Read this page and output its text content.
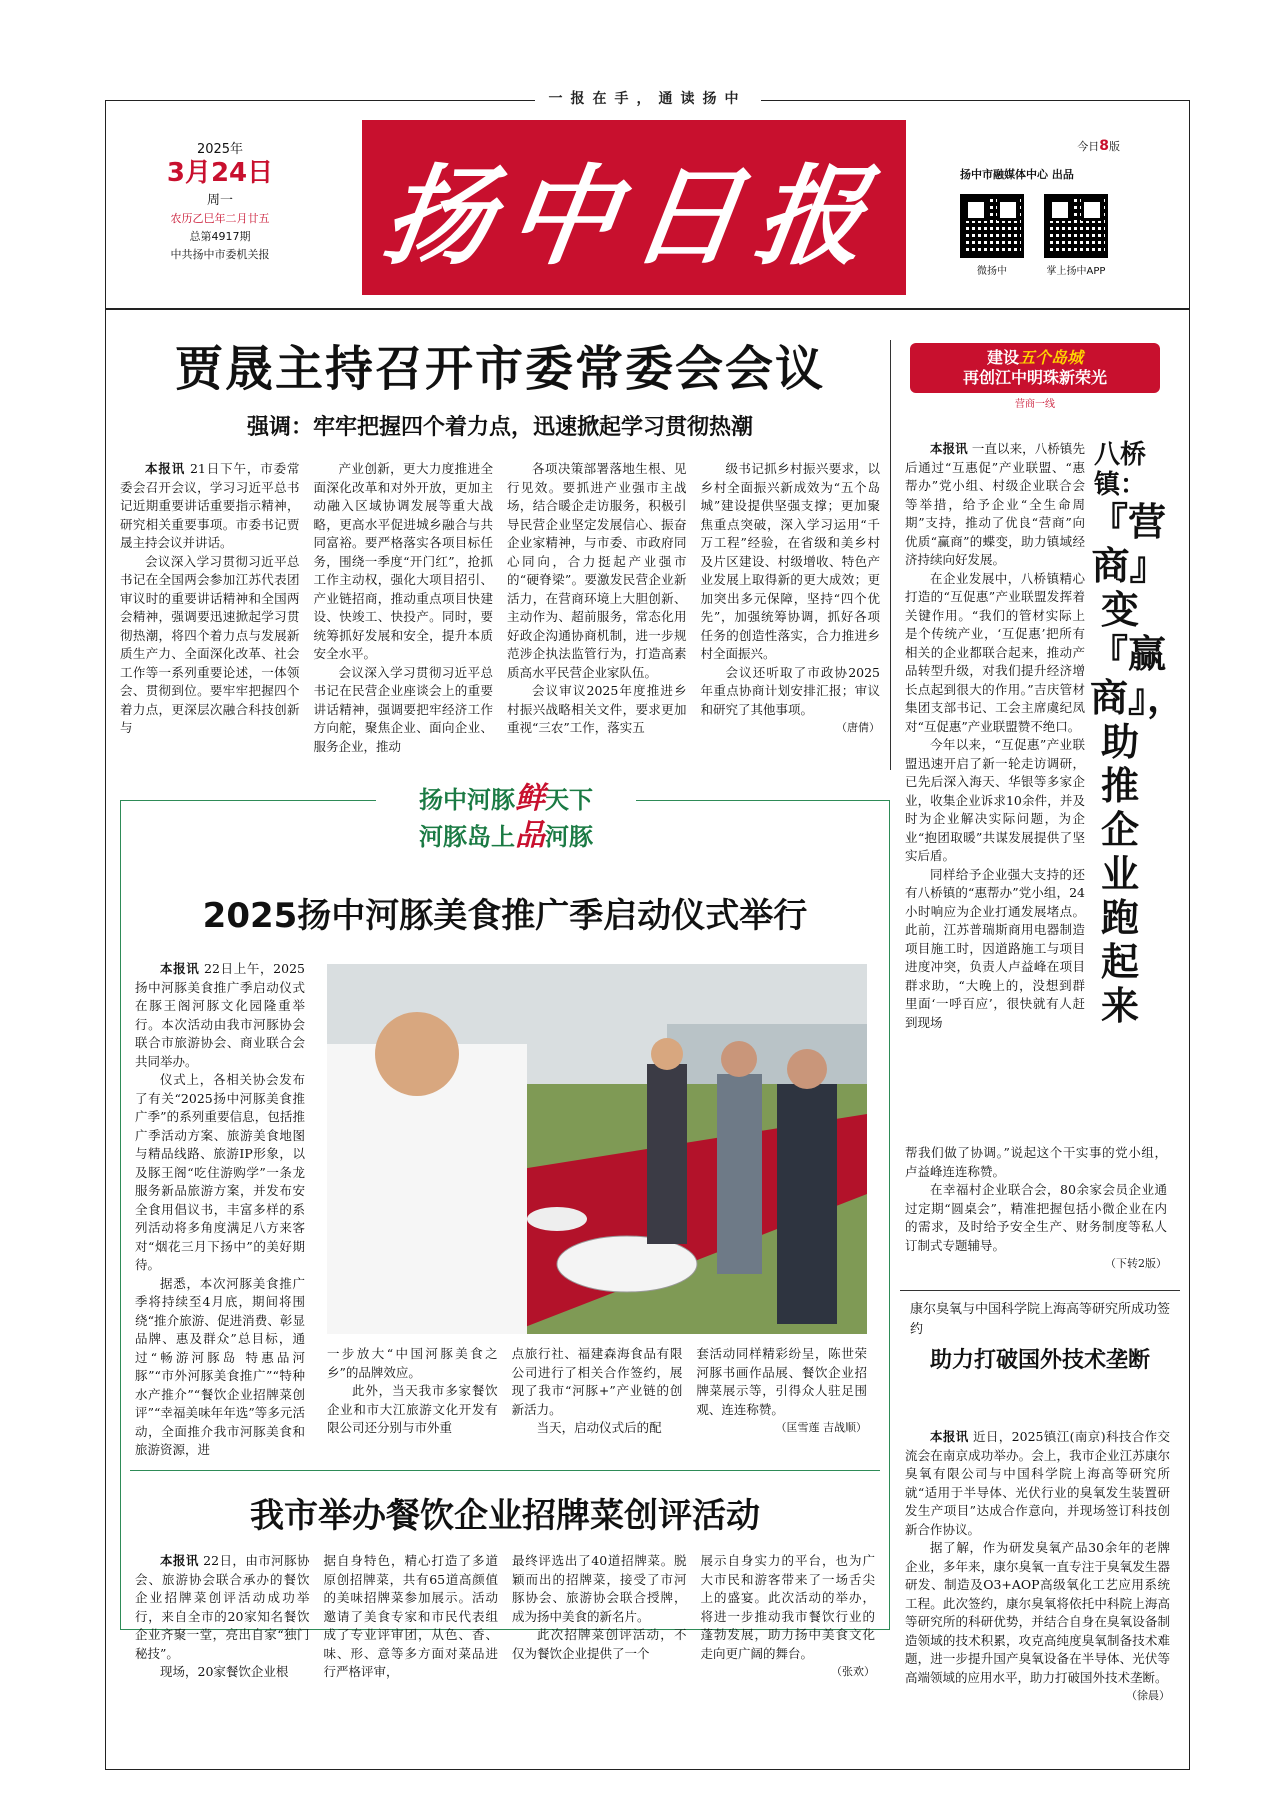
一报在手，通读扬中
2025年
3月24日
周一
农历乙巳年二月廿五
总第4917期
中共扬中市委机关报 扬中日报
今日8版
扬中市融媒体中心 出品
微扬中	掌上扬中APP
贾晟主持召开市委常委会会议
强调：牢牢把握四个着力点，迅速掀起学习贯彻热潮

本报讯 21日下午，市委常委会召开会议，学习习近平总书记近期重要讲话重要指示精神，研究相关重要事项。市委书记贾晟主持会议并讲话。

会议深入学习贯彻习近平总书记在全国两会参加江苏代表团审议时的重要讲话精神和全国两会精神，强调要迅速掀起学习贯彻热潮，将四个着力点与发展新质生产力、全面深化改革、社会工作等一系列重要论述，一体领会、贯彻到位。要牢牢把握四个着力点，更深层次融合科技创新与

产业创新，更大力度推进全面深化改革和对外开放，更加主动融入区域协调发展等重大战略，更高水平促进城乡融合与共同富裕。要严格落实各项目标任务，围绕一季度“开门红”，抢抓工作主动权，强化大项目招引、产业链招商，推动重点项目快建设、快竣工、快投产。同时，要统筹抓好发展和安全，提升本质安全水平。

会议深入学习贯彻习近平总书记在民营企业座谈会上的重要讲话精神，强调要把牢经济工作方向舵，聚焦企业、面向企业、服务企业，推动

各项决策部署落地生根、见行见效。要抓进产业强市主战场，结合暖企走访服务，积极引导民营企业坚定发展信心、振奋企业家精神，与市委、市政府同心同向，合力挺起产业强市的“硬脊梁”。要激发民营企业新活力，在营商环境上大胆创新、主动作为、超前服务，常态化用好政企沟通协商机制，进一步规范涉企执法监管行为，打造高素质高水平民营企业家队伍。

会议审议2025年度推进乡村振兴战略相关文件，要求更加重视“三农”工作，落实五

级书记抓乡村振兴要求，以乡村全面振兴新成效为“五个岛城”建设提供坚强支撑；更加聚焦重点突破，深入学习运用“千万工程”经验，在省级和美乡村及片区建设、村级增收、特色产业发展上取得新的更大成效；更加突出多元保障，坚持“四个优先”，加强统筹协调，抓好各项任务的创造性落实，合力推进乡村全面振兴。

会议还听取了市政协2025年重点协商计划安排汇报；审议和研究了其他事项。

（唐倩）
建设五个岛城
再创江中明珠新荣光
营商一线
八桥镇：
『营商』变『赢商』，助推企业跑起来

本报讯 一直以来，八桥镇先后通过“互惠促”产业联盟、“惠帮办”党小组、村级企业联合会等举措，给予企业“全生命周期”支持，推动了优良“营商”向优质“赢商”的蝶变，助力镇域经济持续向好发展。

在企业发展中，八桥镇精心打造的“互促惠”产业联盟发挥着关键作用。“我们的管材实际上是个传统产业，‘互促惠’把所有相关的企业都联合起来，推动产品转型升级，对我们提升经济增长点起到很大的作用。”吉庆管材集团支部书记、工会主席虞纪凤对“互促惠”产业联盟赞不绝口。

今年以来，“互促惠”产业联盟迅速开启了新一轮走访调研，已先后深入海天、华银等多家企业，收集企业诉求10余件，并及时为企业解决实际问题，为企业“抱团取暖”共谋发展提供了坚实后盾。

同样给予企业强大支持的还有八桥镇的“惠帮办”党小组，24小时响应为企业打通发展堵点。此前，江苏普瑞斯商用电器制造项目施工时，因道路施工与项目进度冲突，负责人卢益峰在项目群求助，“大晚上的，没想到群里面‘一呼百应’，很快就有人赶到现场

帮我们做了协调。”说起这个干实事的党小组，卢益峰连连称赞。

在幸福村企业联合会，80余家会员企业通过定期“圆桌会”，精准把握包括小微企业在内的需求，及时给予安全生产、财务制度等私人订制式专题辅导。

（下转2版）
康尔臭氧与中国科学院上海高等研究所成功签约
助力打破国外技术垄断

本报讯 近日，2025镇江(南京)科技合作交流会在南京成功举办。会上，我市企业江苏康尔臭氧有限公司与中国科学院上海高等研究所就“适用于半导体、光伏行业的臭氧发生装置研发生产项目”达成合作意向，并现场签订科技创新合作协议。

据了解，作为研发臭氧产品30余年的老牌企业，多年来，康尔臭氧一直专注于臭氧发生器研发、制造及O3+AOP高级氧化工艺应用系统工程。此次签约，康尔臭氧将依托中科院上海高等研究所的科研优势，并结合自身在臭氧设备制造领域的技术积累，攻克高纯度臭氧制备技术难题，进一步提升国产臭氧设备在半导体、光伏等高端领域的应用水平，助力打破国外技术垄断。

（徐晨）
扬中河豚鲜天下
河豚岛上品河豚
2025扬中河豚美食推广季启动仪式举行

本报讯 22日上午，2025扬中河豚美食推广季启动仪式在豚王阁河豚文化园隆重举行。本次活动由我市河豚协会联合市旅游协会、商业联合会共同举办。

仪式上，各相关协会发布了有关“2025扬中河豚美食推广季”的系列重要信息，包括推广季活动方案、旅游美食地图与精品线路、旅游IP形象，以及豚王阁“吃住游购学”一条龙服务新品旅游方案，并发布安全食用倡议书，丰富多样的系列活动将多角度满足八方来客对“烟花三月下扬中”的美好期待。

据悉，本次河豚美食推广季将持续至4月底，期间将围绕“推介旅游、促进消费、彰显品牌、惠及群众”总目标，通过“畅游河豚岛 特惠品河豚”“市外河豚美食推广”“特种水产推介”“餐饮企业招牌菜创评”“幸福美味年年选”等多元活动，全面推介我市河豚美食和旅游资源，进

一步放大“中国河豚美食之乡”的品牌效应。

此外，当天我市多家餐饮企业和市大江旅游文化开发有限公司还分别与市外重

点旅行社、福建森海食品有限公司进行了相关合作签约，展现了我市“河豚+”产业链的创新活力。

当天，启动仪式后的配

套活动同样精彩纷呈，陈世荣河豚书画作品展、餐饮企业招牌菜展示等，引得众人驻足围观、连连称赞。

（匡雪莲 吉战顺）
我市举办餐饮企业招牌菜创评活动

本报讯 22日，由市河豚协会、旅游协会联合承办的餐饮企业招牌菜创评活动成功举行，来自全市的20家知名餐饮企业齐聚一堂，亮出自家“独门秘技”。

现场，20家餐饮企业根

据自身特色，精心打造了多道原创招牌菜，共有65道高颜值的美味招牌菜参加展示。活动邀请了美食专家和市民代表组成了专业评审团，从色、香、味、形、意等多方面对菜品进行严格评审，

最终评选出了40道招牌菜。脱颖而出的招牌菜，接受了市河豚协会、旅游协会联合授牌，成为扬中美食的新名片。

此次招牌菜创评活动，不仅为餐饮企业提供了一个

展示自身实力的平台，也为广大市民和游客带来了一场舌尖上的盛宴。此次活动的举办，将进一步推动我市餐饮行业的蓬勃发展，助力扬中美食文化走向更广阔的舞台。

（张欢）
